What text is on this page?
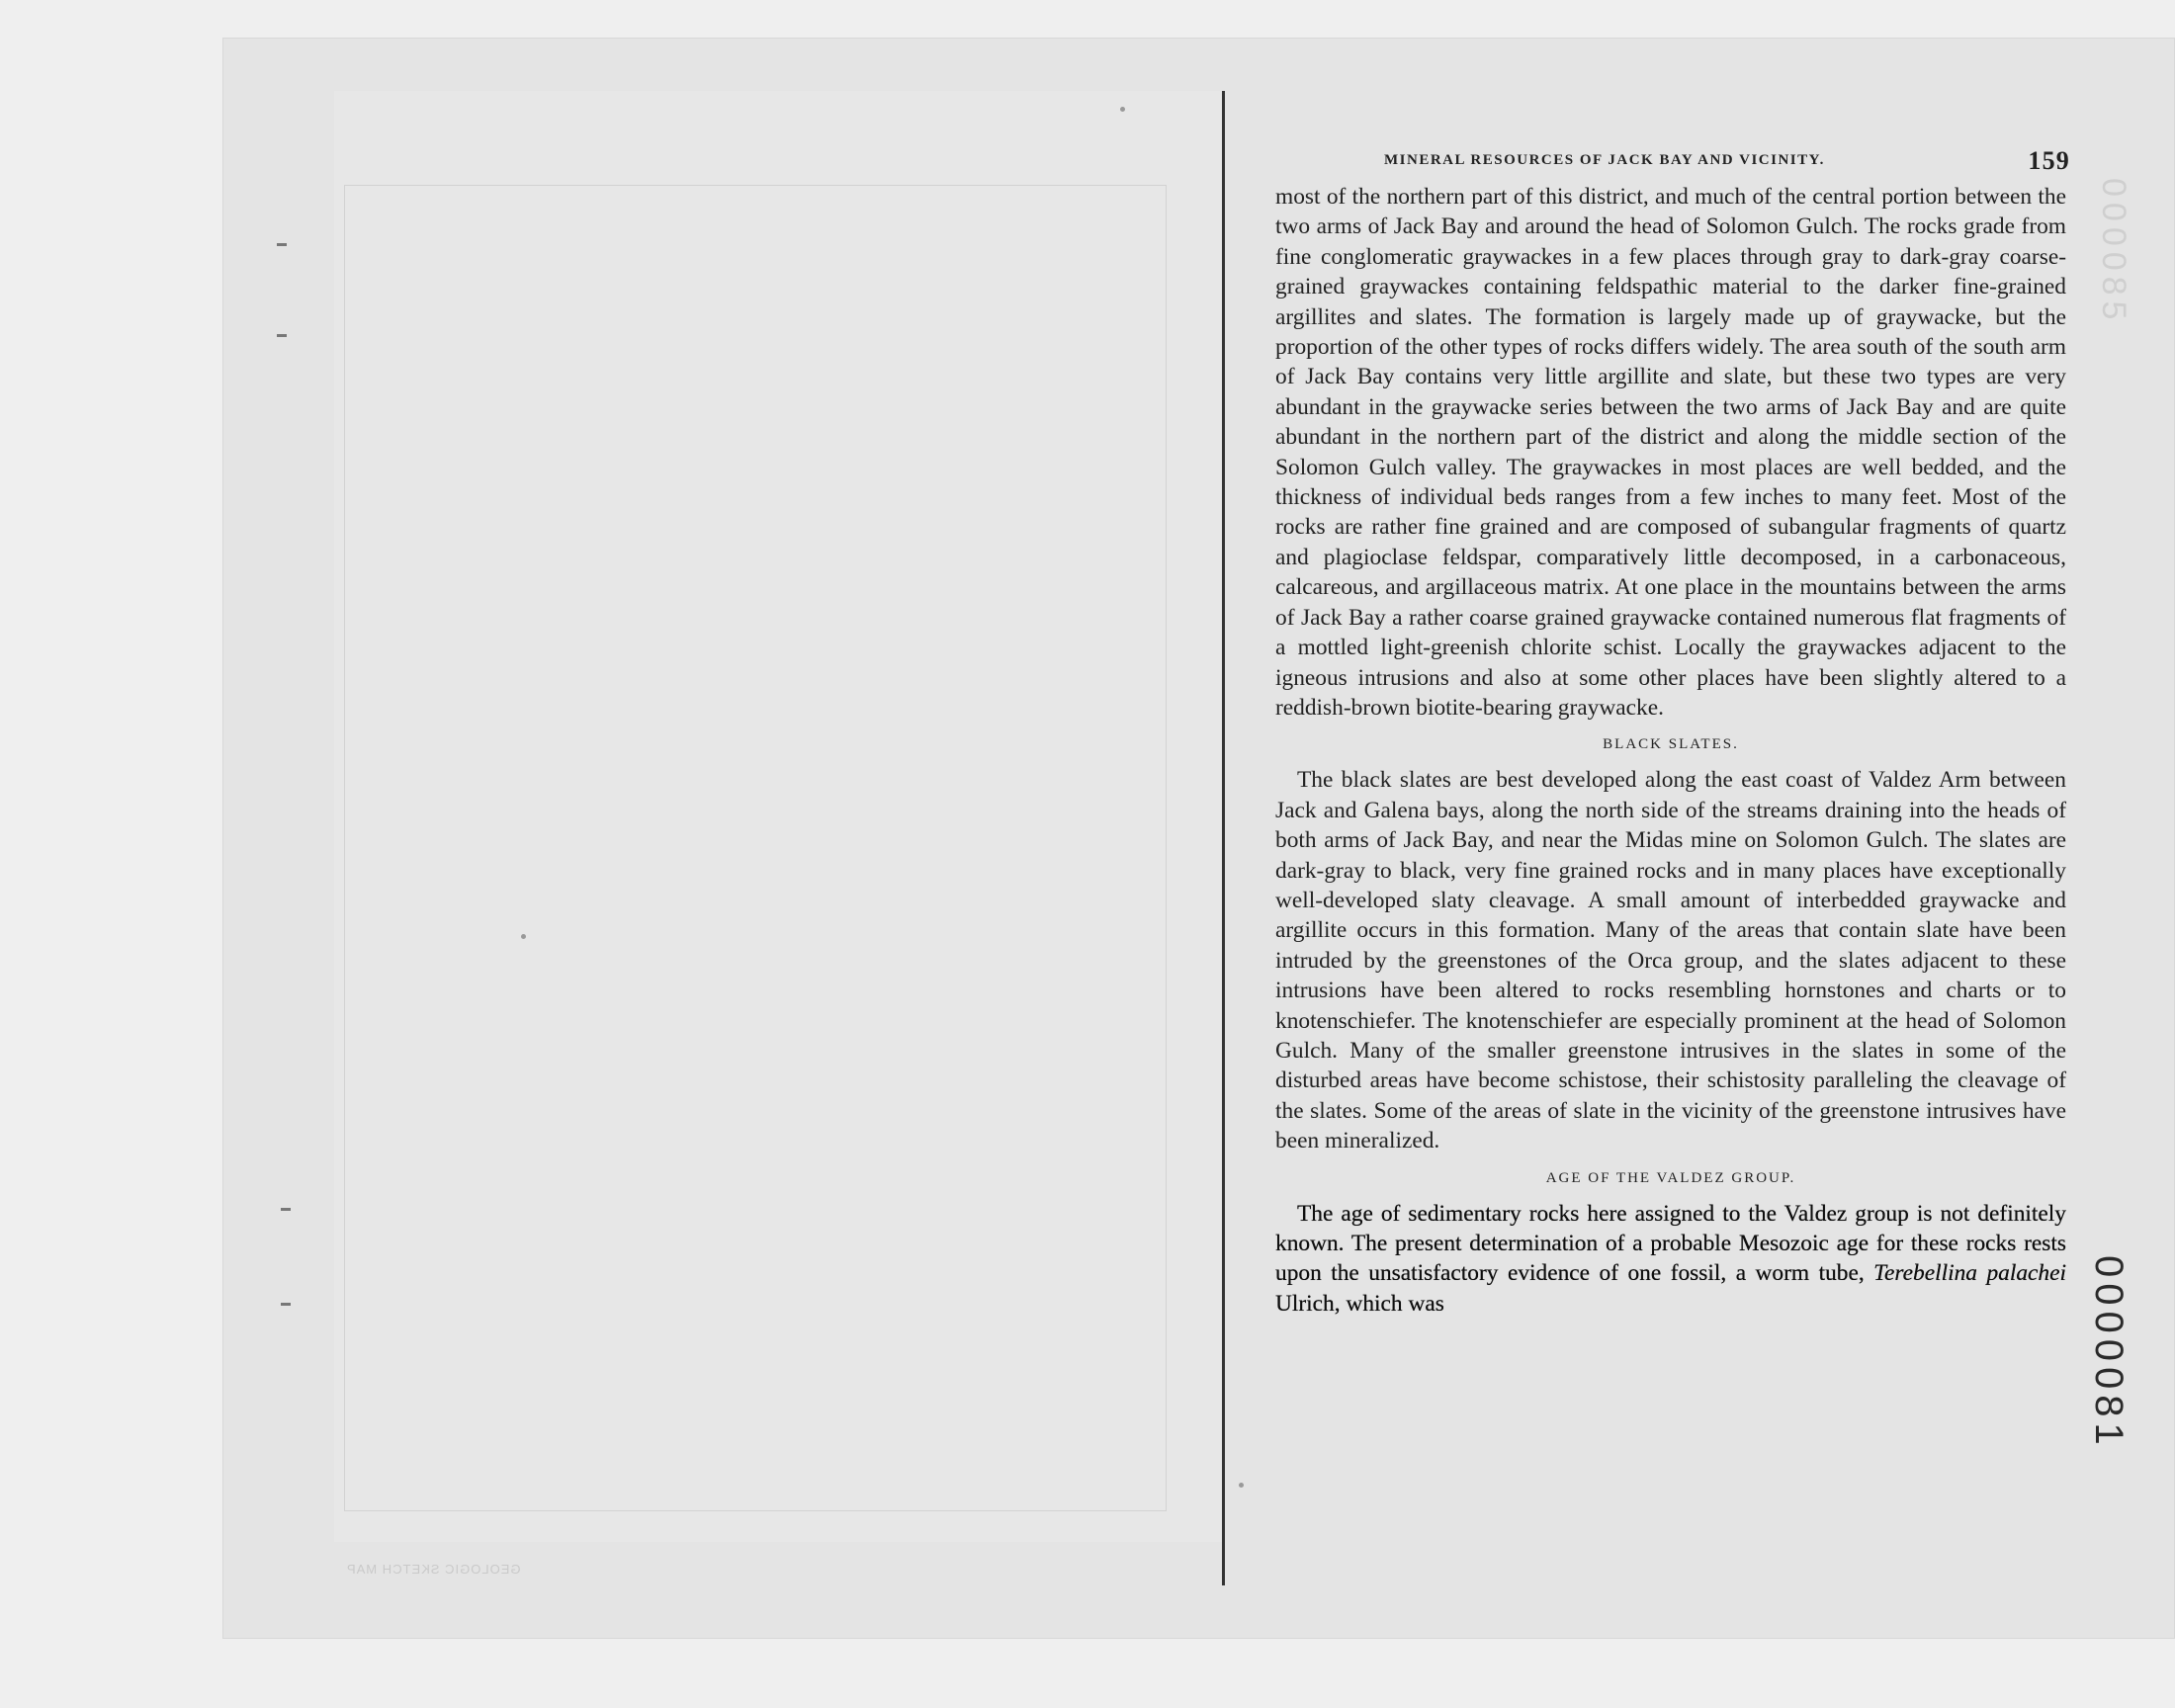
GEOLOGIC SKETCH MAP
MINERAL RESOURCES OF JACK BAY AND VICINITY.	159

most of the northern part of this district, and much of the central portion between the two arms of Jack Bay and around the head of Solomon Gulch. The rocks grade from fine conglomeratic graywackes in a few places through gray to dark-gray coarse-grained graywackes containing feldspathic material to the darker fine-grained argillites and slates. The formation is largely made up of graywacke, but the proportion of the other types of rocks differs widely. The area south of the south arm of Jack Bay contains very little argillite and slate, but these two types are very abundant in the graywacke series between the two arms of Jack Bay and are quite abundant in the northern part of the district and along the middle section of the Solomon Gulch valley. The graywackes in most places are well bedded, and the thickness of individual beds ranges from a few inches to many feet. Most of the rocks are rather fine grained and are composed of subangular fragments of quartz and plagioclase feldspar, comparatively little decomposed, in a carbonaceous, calcareous, and argillaceous matrix. At one place in the mountains between the arms of Jack Bay a rather coarse grained graywacke contained numerous flat fragments of a mottled light-greenish chlorite schist. Locally the graywackes adjacent to the igneous intrusions and also at some other places have been slightly altered to a reddish-brown biotite-bearing graywacke.

BLACK SLATES.

The black slates are best developed along the east coast of Valdez Arm between Jack and Galena bays, along the north side of the streams draining into the heads of both arms of Jack Bay, and near the Midas mine on Solomon Gulch. The slates are dark-gray to black, very fine grained rocks and in many places have exceptionally well-developed slaty cleavage. A small amount of interbedded graywacke and argillite occurs in this formation. Many of the areas that contain slate have been intruded by the greenstones of the Orca group, and the slates adjacent to these intrusions have been altered to rocks resembling hornstones and charts or to knotenschiefer. The knotenschiefer are especially prominent at the head of Solomon Gulch. Many of the smaller greenstone intrusives in the slates in some of the disturbed areas have become schistose, their schistosity paralleling the cleavage of the slates. Some of the areas of slate in the vicinity of the greenstone intrusives have been mineralized.

AGE OF THE VALDEZ GROUP.

The age of sedimentary rocks here assigned to the Valdez group is not definitely known. The present determination of a probable Mesozoic age for these rocks rests upon the unsatisfactory evidence of one fossil, a worm tube, Terebellina palachei Ulrich, which was

000085
0000081
